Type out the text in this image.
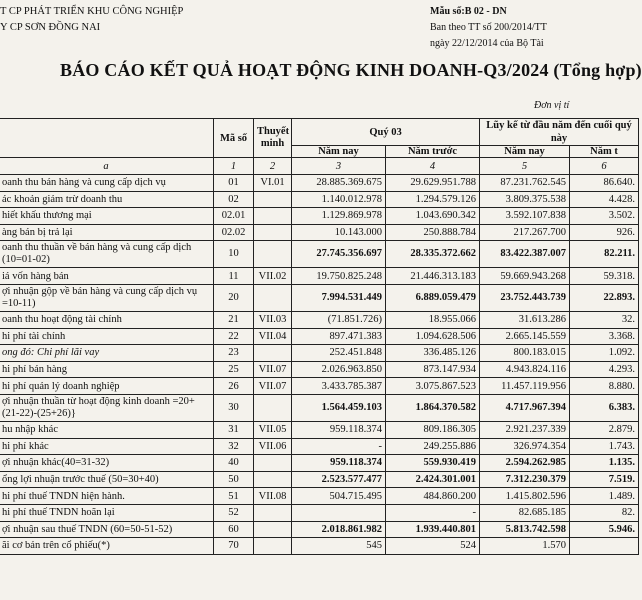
T CP PHÁT TRIỂN KHU CÔNG NGHIỆP
Y CP SƠN ĐỒNG NAI
Mẫu số:B 02 - DN
Ban theo TT số 200/2014/TT
ngày 22/12/2014 của Bộ Tài
BÁO CÁO KẾT QUẢ HOẠT ĐỘNG KINH DOANH-Q3/2024 (Tổng hợp)
Đơn vị tí
	Mã số	Thuyết minh	Quý 03		Lũy kế từ đầu năm đến cuối quý này	
			Năm nay	Năm trước	Năm nay	Năm t
a	1	2	3	4	5	6
oanh thu bán hàng và cung cấp dịch vụ	01	VI.01	28.885.369.675	29.629.951.788	87.231.762.545	86.640.
ác khoản giảm trừ doanh thu	02		1.140.012.978	1.294.579.126	3.809.375.538	4.428.
hiết khấu thương mại	02.01		1.129.869.978	1.043.690.342	3.592.107.838	3.502.
àng bán bị trả lại	02.02		10.143.000	250.888.784	217.267.700	926.
oanh thu thuần về bán hàng và cung cấp dịch (10=01-02)	10		27.745.356.697	28.335.372.662	83.422.387.007	82.211.
iá vốn hàng bán	11	VII.02	19.750.825.248	21.446.313.183	59.669.943.268	59.318.
ợi nhuận gộp về bán hàng và cung cấp dịch vụ =10-11)	20		7.994.531.449	6.889.059.479	23.752.443.739	22.893.
oanh thu hoạt động tài chính	21	VII.03	(71.851.726)	18.955.066	31.613.286	32.
hi phí tài chính	22	VII.04	897.471.383	1.094.628.506	2.665.145.559	3.368.
ong đó: Chi phí lãi vay	23		252.451.848	336.485.126	800.183.015	1.092.
hi phí bán hàng	25	VII.07	2.026.963.850	873.147.934	4.943.824.116	4.293.
hi phí quản lý doanh nghiệp	26	VII.07	3.433.785.387	3.075.867.523	11.457.119.956	8.880.
ợi nhuận thuần từ hoạt động kinh doanh =20+(21-22)-(25+26)}	30		1.564.459.103	1.864.370.582	4.717.967.394	6.383.
hu nhập khác	31	VII.05	959.118.374	809.186.305	2.921.237.339	2.879.
hi phí khác	32	VII.06	-	249.255.886	326.974.354	1.743.
ợi nhuận khác(40=31-32)	40		959.118.374	559.930.419	2.594.262.985	1.135.
ổng lợi nhuận trước thuế (50=30+40)	50		2.523.577.477	2.424.301.001	7.312.230.379	7.519.
hi phí thuế TNDN hiện hành.	51	VII.08	504.715.495	484.860.200	1.415.802.596	1.489.
hi phí thuế TNDN hoãn lại	52			-	82.685.185	82.
ợi nhuận sau thuế TNDN (60=50-51-52)	60		2.018.861.982	1.939.440.801	5.813.742.598	5.946.
ãi cơ bản trên cổ phiếu(*)	70		545	524	1.570	
